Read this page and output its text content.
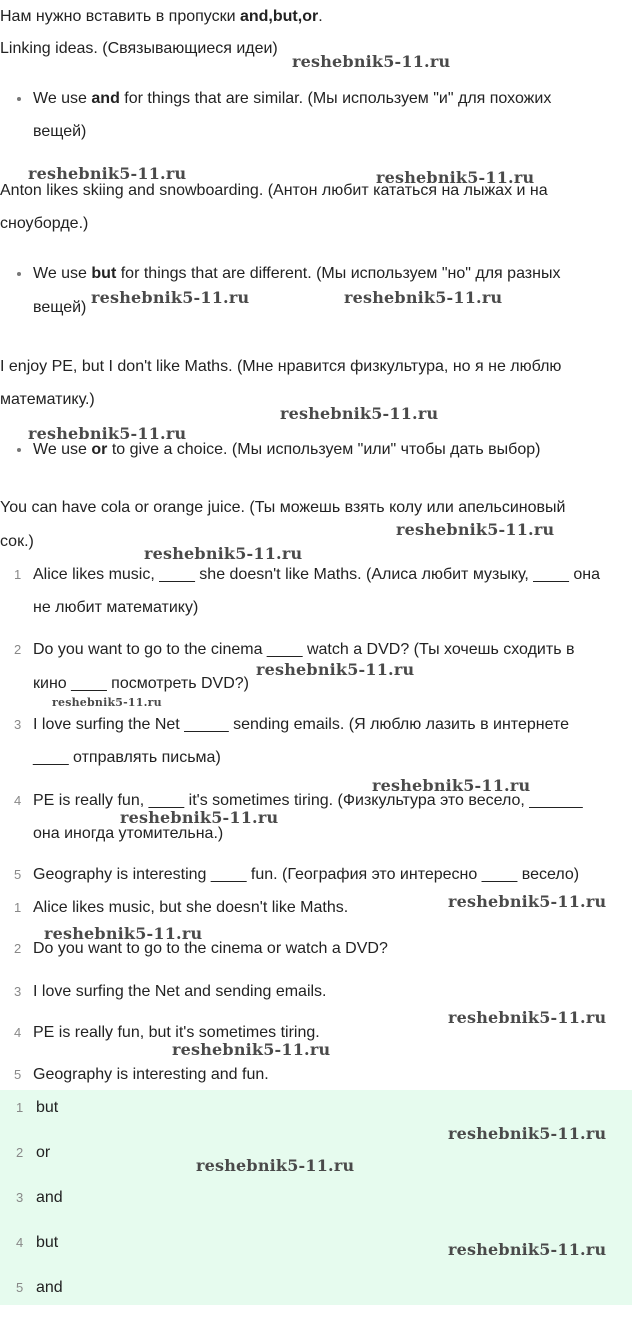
Нам нужно вставить в пропуски and,but,or.
Linking ideas. (Связывающиеся идеи)
We use and for things that are similar. (Мы используем "и" для похожих
вещей)
Anton likes skiing and snowboarding. (Антон любит кататься на лыжах и на
сноуборде.)
We use but for things that are different. (Мы используем "но" для разных
вещей)
I enjoy PE, but I don't like Maths. (Мне нравится физкультура, но я не люблю
математику.)
We use or to give a choice. (Мы используем "или" чтобы дать выбор)
You can have cola or orange juice. (Ты можешь взять колу или апельсиновый
сок.)
1 Alice likes music, ____ she doesn't like Maths. (Алиса любит музыку, ____ она
не любит математику)
2 Do you want to go to the cinema ____ watch a DVD? (Ты хочешь сходить в
кино ____ посмотреть DVD?)
3 I love surfing the Net _____ sending emails. (Я люблю лазить в интернете
____ отправлять письма)
4 PE is really fun, ____ it's sometimes tiring. (Физкультура это весело, ______
она иногда утомительна.)
5 Geography is interesting ____ fun. (География это интересно ____ весело)
1 Alice likes music, but she doesn't like Maths.
2 Do you want to go to the cinema or watch a DVD?
3 I love surfing the Net and sending emails.
4 PE is really fun, but it's sometimes tiring.
5 Geography is interesting and fun.
1 but
2 or
3 and
4 but
5 and
reshebnik5-11.ru
reshebnik5-11.ru	reshebnik5-11.ru
reshebnik5-11.ru	reshebnik5-11.ru
reshebnik5-11.ru
reshebnik5-11.ru
reshebnik5-11.ru
reshebnik5-11.ru
reshebnik5-11.ru
reshebnik5-11.ru
reshebnik5-11.ru
reshebnik5-11.ru
reshebnik5-11.ru
reshebnik5-11.ru
reshebnik5-11.ru
reshebnik5-11.ru
reshebnik5-11.ru
reshebnik5-11.ru
reshebnik5-11.ru
